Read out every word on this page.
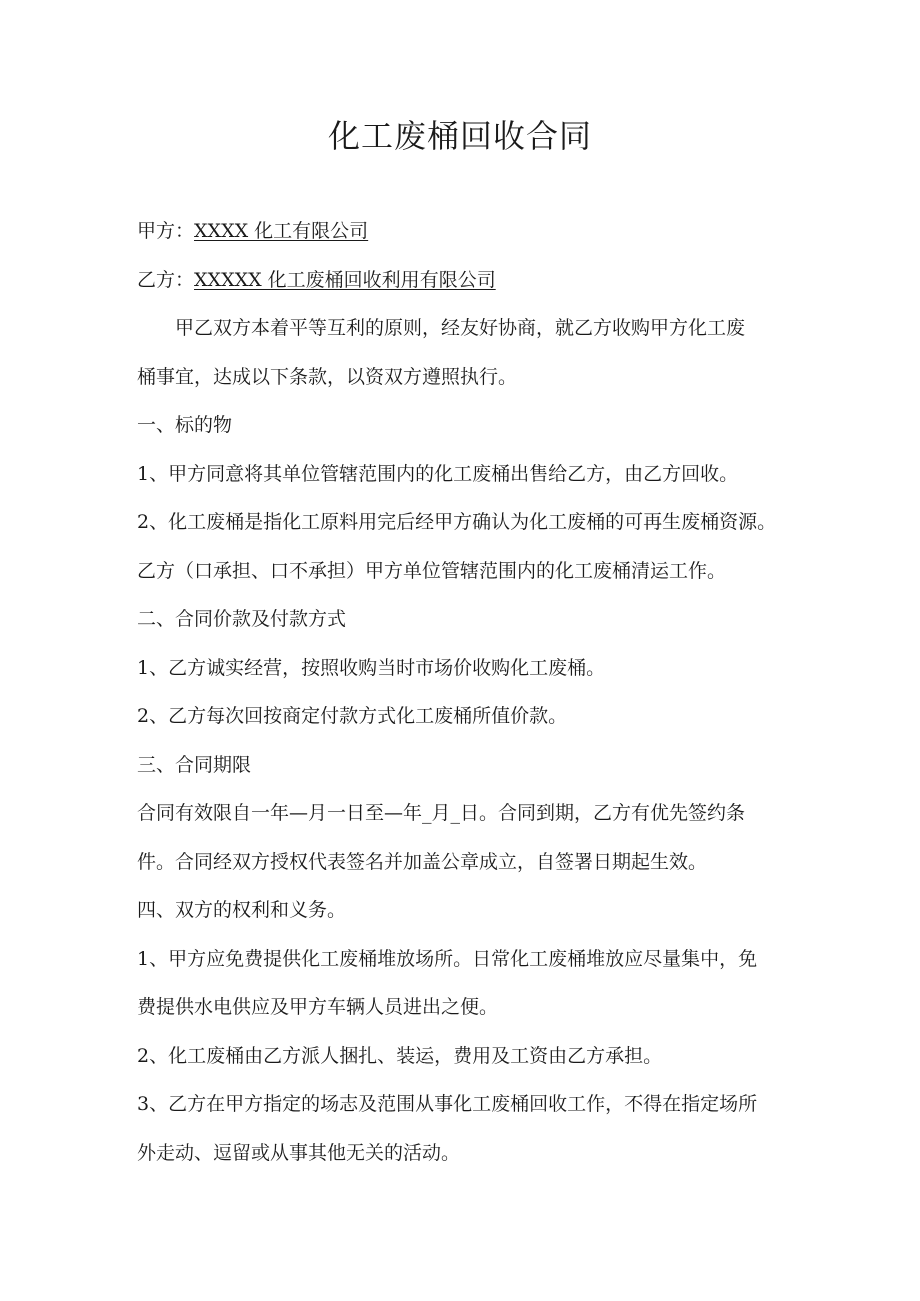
化工废桶回收合同
甲方：XXXX 化工有限公司
乙方：XXXXX 化工废桶回收利用有限公司
甲乙双方本着平等互利的原则，经友好协商，就乙方收购甲方化工废
桶事宜，达成以下条款，以资双方遵照执行。
一、标的物
1、甲方同意将其单位管辖范围内的化工废桶出售给乙方，由乙方回收。
2、化工废桶是指化工原料用完后经甲方确认为化工废桶的可再生废桶资源。
乙方（口承担、口不承担）甲方单位管辖范围内的化工废桶清运工作。
二、合同价款及付款方式
1、乙方诚实经营，按照收购当时市场价收购化工废桶。
2、乙方每次回按商定付款方式化工废桶所值价款。
三、合同期限
合同有效限自一年—月一日至—年_月_日。合同到期，乙方有优先签约条
件。合同经双方授权代表签名并加盖公章成立，自签署日期起生效。
四、双方的权利和义务。
1、甲方应免费提供化工废桶堆放场所。日常化工废桶堆放应尽量集中，免
费提供水电供应及甲方车辆人员进出之便。
2、化工废桶由乙方派人捆扎、装运，费用及工资由乙方承担。
3、乙方在甲方指定的场志及范围从事化工废桶回收工作，不得在指定场所
外走动、逗留或从事其他无关的活动。
